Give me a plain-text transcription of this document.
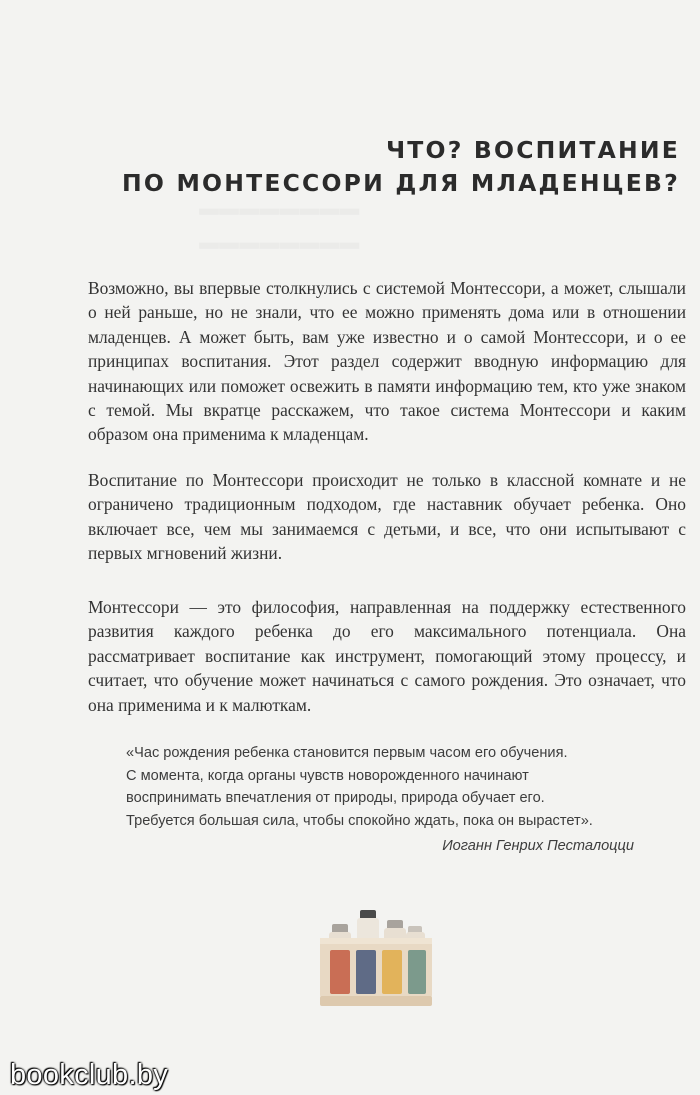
━━━━━━━━
━━━━━━━━
ЧТО? ВОСПИТАНИЕ
ПО МОНТЕССОРИ ДЛЯ МЛАДЕНЦЕВ?

Возможно, вы впервые столкнулись с системой Монтессори, а может, слышали о ней раньше, но не знали, что ее можно применять дома или в отношении младенцев. А может быть, вам уже известно и о самой Монтессори, и о ее принципах воспитания. Этот раздел содержит вводную информацию для начинающих или поможет освежить в памяти информацию тем, кто уже знаком с темой. Мы вкратце расскажем, что такое система Монтессори и каким образом она применима к младенцам.

Воспитание по Монтессори происходит не только в классной комнате и не ограничено традиционным подходом, где наставник обучает ребенка. Оно включает все, чем мы занимаемся с детьми, и все, что они испытывают с первых мгновений жизни.

Монтессори — это философия, направленная на поддержку естественного развития каждого ребенка до его максимального потенциала. Она рассматривает воспитание как инструмент, помогающий этому процессу, и считает, что обучение может начинаться с самого рождения. Это означает, что она применима и к малюткам.

«Час рождения ребенка становится первым часом его обучения.

С момента, когда органы чувств новорожденного начинают

воспринимать впечатления от природы, природа обучает его.

Требуется большая сила, чтобы спокойно ждать, пока он вырастет».

Иоганн Генрих Песталоцци
bookclub.by
